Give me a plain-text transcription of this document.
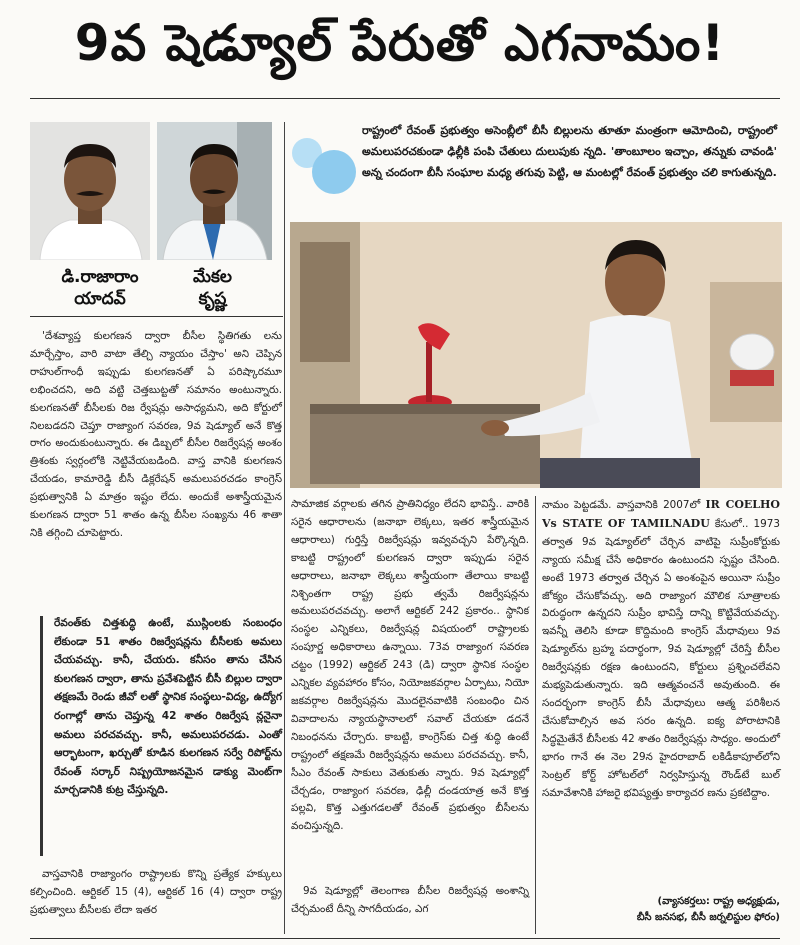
9వ షెడ్యూల్ పేరుతో ఎగనామం!
డి.రాజారాం
యాదవ్
మేకల
కృష్ణ
రాష్ట్రంలో రేవంత్ ప్రభుత్వం అసెంబ్లీలో బీసీ బిల్లులను తూతూ మంత్రంగా ఆమోదించి, రాష్ట్రంలో అమలుపరచకుండా ఢిల్లీకి పంపి చేతులు దులుపుకు న్నది. 'తాంబూలం ఇచ్చాం, తన్నుకు చావండి' అన్న చందంగా బీసీ సంఘాల మధ్య తగువు పెట్టి, ఆ మంటల్లో రేవంత్ ప్రభుత్వం చలి కాగుతున్నది.

'దేశవ్యాప్త కులగణన ద్వారా బీసీల స్థితిగతు లను మార్చేస్తాం, వారి వాటా తేల్చి న్యాయం చేస్తాం' అని చెప్పిన రాహుల్‌గాంధీ ఇప్పుడు కులగణనతో ఏ పరిష్కారమూ లభించదని, అది వట్టి చెత్తబుట్టతో సమానం అంటున్నారు. కులగణనతో బీసీలకు రిజ ర్వేషన్లు అసాధ్యమని, అది కోర్టులో నిలబడదని చెప్తూ రాజ్యాంగ సవరణ, 9వ షెడ్యూల్ అనే కొత్త రాగం అందుకుంటున్నారు. ఈ డిబ్బలో బీసీల రిజర్వేషన్ల అంశం త్రిశంకు స్వర్గంలోకి నెట్టివేయబడింది. వాస్త వానికి కులగణన చేయడం, కామారెడ్డి బీసీ డిక్లరేషన్ అమలుపరచడం కాంగ్రెస్ ప్రభుత్వానికి ఏ మాత్రం ఇష్టం లేదు. అందుకే అశాస్త్రీయమైన కులగణన ద్వారా 51 శాతం ఉన్న బీసీల సంఖ్యను 46 శాతా నికి తగ్గించి చూపెట్టారు.

రేవంత్‌కు చిత్తశుద్ధి ఉంటే, ముస్లింలకు సంబంధం లేకుండా 51 శాతం రిజర్వేషన్లను బీసీలకు అమలు చేయవచ్చు. కానీ, చేయరు. కనీసం తాను చేసిన కులగణన ద్వారా, తాను ప్రవేశపెట్టిన బీసీ బిల్లుల ద్వారా తక్షణమే రెండు జీవో లతో స్థానిక సంస్థలు-విద్య, ఉద్యోగ రంగాల్లో తాను చెప్తున్న 42 శాతం రిజర్వేష న్లనైనా అమలు పరచవచ్చు. కానీ, అమలుపరచడు. ఎంతో ఆర్భాటంగా, ఖర్చుతో కూడిన కులగణన సర్వే రిపోర్ట్‌ను రేవంత్ సర్కార్ నిష్ప్రయోజనమైన డాక్యు మెంట్‌గా మార్చడానికి కుట్ర చేస్తున్నది.
వాస్తవానికి రాజ్యాంగం రాష్ట్రాలకు కొన్ని ప్రత్యేక హక్కులు కల్పించింది. ఆర్టికల్ 15 (4), ఆర్టికల్ 16 (4) ద్వారా రాష్ట్ర ప్రభుత్వాలు బీసీలకు లేదా ఇతర

సామాజిక వర్గాలకు తగిన ప్రాతినిధ్యం లేదని భావిస్తే.. వారికి సరైన ఆధారాలను (జనాభా లెక్కలు, ఇతర శాస్త్రీయమైన ఆధారాలు) గుర్తిస్తే రిజర్వేషన్లు ఇవ్వవచ్చని పేర్కొన్నది. కాబట్టి రాష్ట్రంలో కులగణన ద్వారా ఇప్పుడు సరైన ఆధారాలు, జనాభా లెక్కలు శాస్త్రీయంగా తేలాయి కాబట్టి నిశ్చింతగా రాష్ట్ర ప్రభు త్వమే రిజర్వేషన్లను అమలుపరచవచ్చు. అలాగే ఆర్టికల్ 242 ప్రకారం.. స్థానిక సంస్థల ఎన్నికలు, రిజర్వేషన్ల విషయంలో రాష్ట్రాలకు సంపూర్ణ అధికారాలు ఉన్నాయి. 73వ రాజ్యాంగ సవరణ చట్టం (1992) ఆర్టికల్ 243 (డి) ద్వారా స్థానిక సంస్థల ఎన్నికల వ్యవహారం కోసం, నియోజకవర్గాల ఏర్పాటు, నియో జకవర్గాల రిజర్వేషన్లను మొదలైనవాటికి సంబంధిం చిన వివాదాలను న్యాయస్థానాలలో సవాల్ చేయకూ డదనే నిబంధనను చేర్చారు. కాబట్టి, కాంగ్రెస్‌కు చిత్త శుద్ధి ఉంటే రాష్ట్రంలో తక్షణమే రిజర్వేషన్లను అమలు పరచవచ్చు. కానీ, సీఎం రేవంత్ సాకులు వెతుకుతు న్నారు. 9వ షెడ్యూల్లో చేర్చడం, రాజ్యాంగ సవరణ, ఢిల్లీ దండయాత్ర అనే కొత్త పల్లవి, కొత్త ఎత్తుగడలతో రేవంత్ ప్రభుత్వం బీసీలను వంచిస్తున్నది.

9వ షెడ్యూల్లో తెలంగాణ బీసీల రిజర్వేషన్ల అంశాన్ని చేర్చమంటే దీన్ని సాగదీయడం, ఎగ

నామం పెట్టడమే. వాస్తవానికి 2007లో IR COELHO Vs STATE OF TAMILNADU కేసులో.. 1973 తర్వాత 9వ షెడ్యూల్‌లో చేర్చిన వాటిపై సుప్రీంకోర్టుకు న్యాయ సమీక్ష చేసే అధికారం ఉంటుందని స్పష్టం చేసింది. అంటే 1973 తర్వాత చేర్చిన ఏ అంశంపైన అయినా సుప్రీం జోక్యం చేసుకోవచ్చు. అది రాజ్యాంగ మౌలిక సూత్రాలకు విరుద్ధంగా ఉన్నదని సుప్రీం భావిస్తే దాన్ని కొట్టివేయవచ్చు. ఇవన్నీ తెలిసి కూడా కొద్దిమంది కాంగ్రెస్ మేధావులు 9వ షెడ్యూల్‌ను బ్రహ్మ పదార్థంగా, 9వ షెడ్యూల్లో చేరిస్తే బీసీల రిజర్వేషన్లకు రక్షణ ఉంటుందని, కోర్టులు ప్రశ్నించలేవని మభ్యపెడుతున్నారు. ఇది ఆత్మవంచనే అవుతుంది. ఈ సందర్భంగా కాంగ్రెస్ బీసీ మేధావులు ఆత్మ పరిశీలన చేసుకోవాల్సిన అవ సరం ఉన్నది. ఐక్య పోరాటానికి సిద్ధమైతేనే బీసీలకు 42 శాతం రిజర్వేషన్లు సాధ్యం. అందులో భాగం గానే ఈ నెల 29న హైదరాబాద్ లకిడీకాపూల్‌లోని సెంట్రల్ కోర్ట్ హోటల్‌లో నిర్వహిస్తున్న రౌండ్‌టే బుల్ సమావేశానికి హాజరై భవిష్యత్తు కార్యాచర ణను ప్రకటిద్దాం.

(వ్యాసకర్తలు: రాష్ట్ర అధ్యక్షుడు,
బీసీ జనసభ, బీసీ జర్నలిస్టుల ఫోరం)
